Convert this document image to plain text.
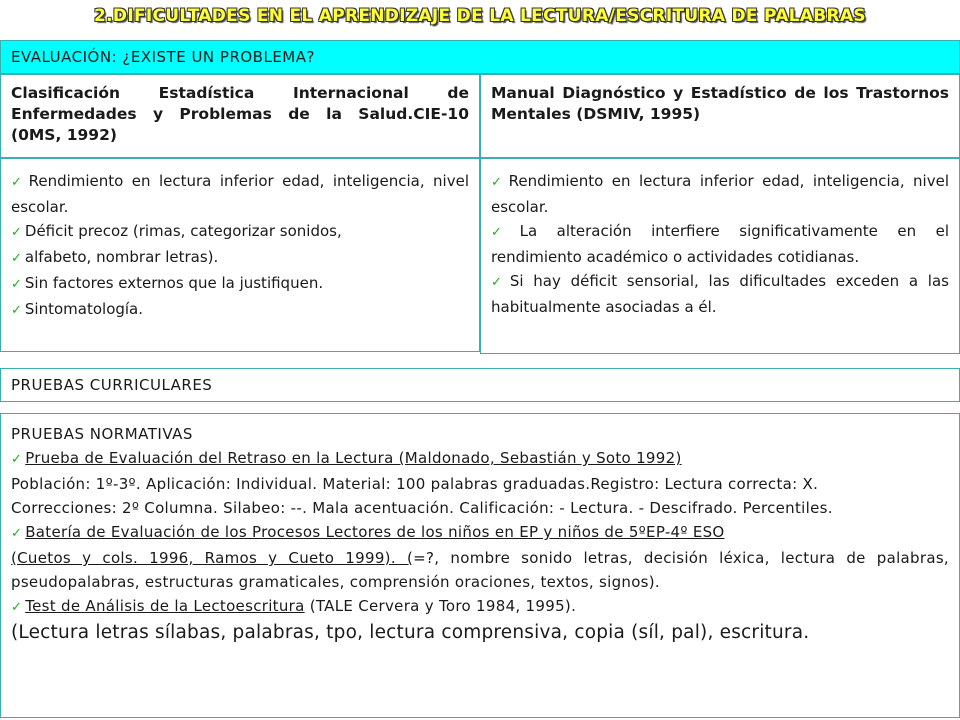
2.DIFICULTADES EN EL APRENDIZAJE DE LA LECTURA/ESCRITURA DE PALABRAS
EVALUACIÓN: ¿EXISTE UN PROBLEMA?
Clasificación Estadística Internacional de Enfermedades y Problemas de la Salud.CIE-10 (0MS, 1992)
Manual Diagnóstico y Estadístico de los Trastornos Mentales (DSMIV, 1995)
✓ Rendimiento en lectura inferior edad, inteligencia, nivel escolar.
✓ Déficit precoz (rimas, categorizar sonidos,
✓ alfabeto, nombrar letras).
✓ Sin factores externos que la justifiquen.
✓ Sintomatología.
✓ Rendimiento en lectura inferior edad, inteligencia, nivel escolar.
✓ La alteración interfiere significativamente en el rendimiento académico o actividades cotidianas.
✓ Si hay déficit sensorial, las dificultades exceden a las habitualmente asociadas a él.
PRUEBAS CURRICULARES
PRUEBAS NORMATIVAS
✓ Prueba de Evaluación del Retraso en la Lectura (Maldonado, Sebastián y Soto 1992)
Población: 1º-3º. Aplicación: Individual. Material: 100 palabras graduadas.Registro: Lectura correcta: X.
Correcciones: 2º Columna. Silabeo: --. Mala acentuación. Calificación: - Lectura. - Descifrado. Percentiles.
✓ Batería de Evaluación de los Procesos Lectores de los niños en EP y niños de 5ºEP-4º ESO
(Cuetos y cols. 1996, Ramos y Cueto 1999). (=?, nombre sonido letras, decisión léxica, lectura de palabras, pseudopalabras, estructuras gramaticales, comprensión oraciones, textos, signos).
✓ Test de Análisis de la Lectoescritura (TALE Cervera y Toro 1984, 1995).
(Lectura letras sílabas, palabras, tpo, lectura comprensiva, copia (síl, pal), escritura.
